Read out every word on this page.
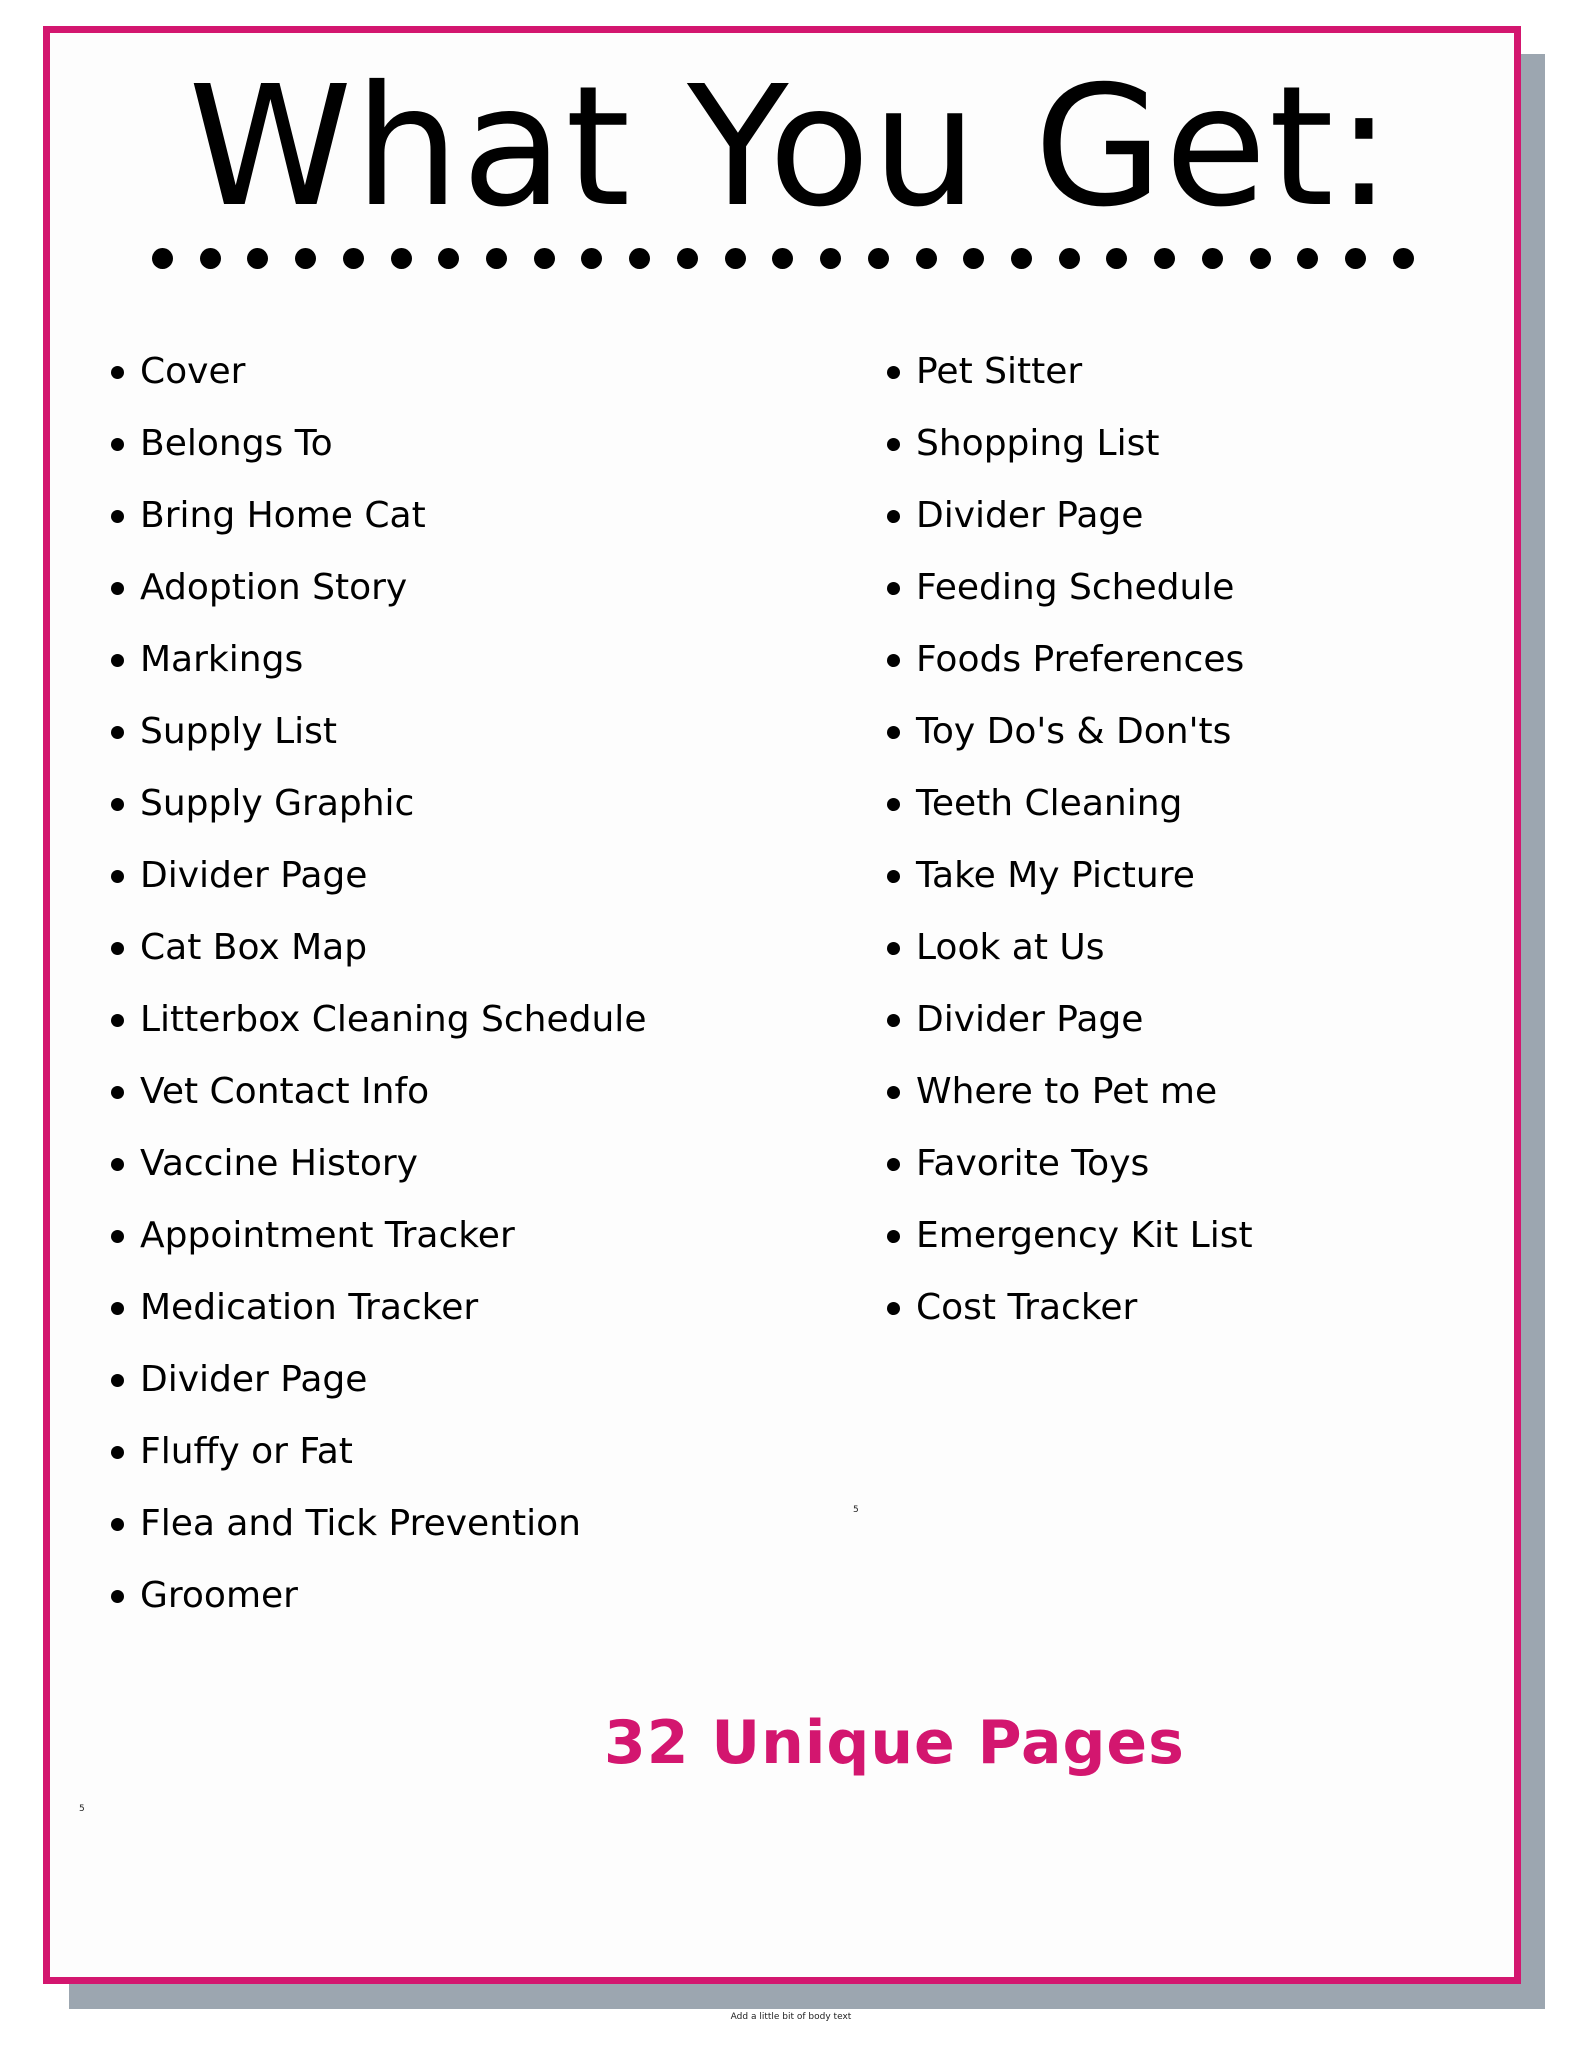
What You Get:
Cover
Belongs To
Bring Home Cat
Adoption Story
Markings
Supply List
Supply Graphic
Divider Page
Cat Box Map
Litterbox Cleaning Schedule
Vet Contact Info
Vaccine History
Appointment Tracker
Medication Tracker
Divider Page
Fluffy or Fat
Flea and Tick Prevention
Groomer
Pet Sitter
Shopping List
Divider Page
Feeding Schedule
Foods Preferences
Toy Do's & Don'ts
Teeth Cleaning
Take My Picture
Look at Us
Divider Page
Where to Pet me
Favorite Toys
Emergency Kit List
Cost Tracker
32 Unique Pages
5
5
Add a little bit of body text
